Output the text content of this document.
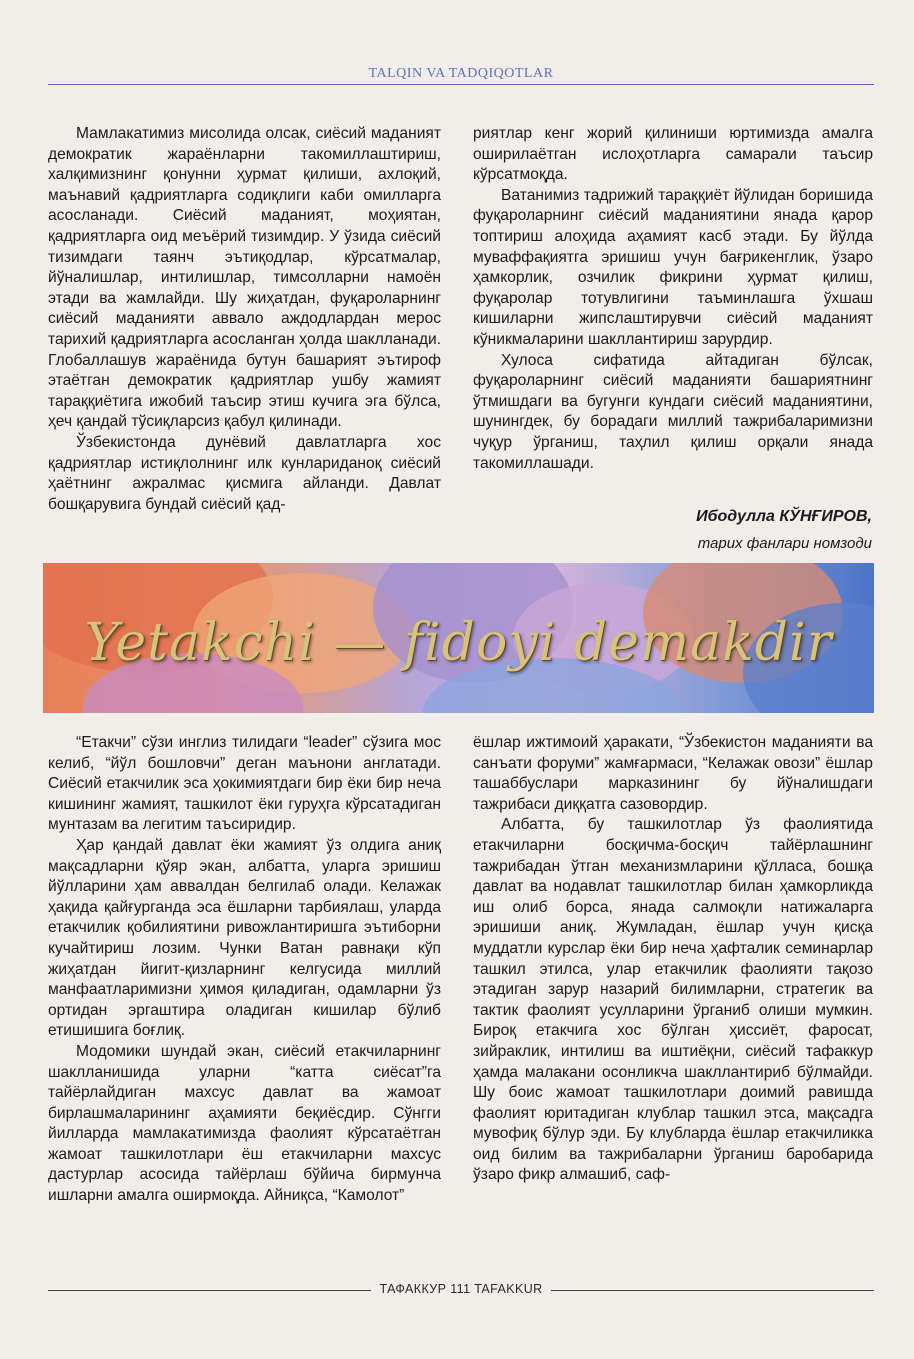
TALQIN VA TADQIQOTLAR

Мамлакатимиз мисолида олсак, сиёсий маданият демократик жараёнларни такомиллаштириш, халқимизнинг қонунни ҳурмат қилиши, ахлоқий, маънавий қадриятларга содиқлиги каби омилларга асосланади. Сиёсий маданият, моҳиятан, қадриятларга оид меъёрий тизимдир. У ўзида сиёсий тизимдаги таянч эътиқодлар, кўрсатмалар, йўналишлар, интилишлар, тимсолларни намоён этади ва жамлайди. Шу жиҳатдан, фуқароларнинг сиёсий маданияти аввало аждодлардан мерос тарихий қадриятларга асосланган ҳолда шаклланади. Глобаллашув жараёнида бутун башарият эътироф этаётган демократик қадриятлар ушбу жамият тараққиётига ижобий таъсир этиш кучига эга бўлса, ҳеч қандай тўсиқларсиз қабул қилинади.

Ўзбекистонда дунёвий давлатларга хос қадриятлар истиқлолнинг илк кунлариданоқ сиёсий ҳаётнинг ажралмас қисмига айланди. Давлат бошқарувига бундай сиёсий қад-

риятлар кенг жорий қилиниши юртимизда амалга оширилаётган ислоҳотларга самарали таъсир кўрсатмоқда.

Ватанимиз тадрижий тараққиёт йўлидан боришида фуқароларнинг сиёсий маданиятини янада қарор топтириш алоҳида аҳамият касб этади. Бу йўлда муваффақиятга эришиш учун бағрикенглик, ўзаро ҳамкорлик, озчилик фикрини ҳурмат қилиш, фуқаролар тотувлигини таъминлашга ўхшаш кишиларни жипслаштирувчи сиёсий маданият кўникмаларини шакллантириш зарурдир.

Хулоса сифатида айтадиган бўлсак, фуқароларнинг сиёсий маданияти башариятнинг ўтмишдаги ва бугунги кундаги сиёсий маданиятини, шунингдек, бу борадаги миллий тажрибаларимизни чуқур ўрганиш, таҳлил қилиш орқали янада такомиллашади.

Ибодулла КЎНҒИРОВ,
тарих фанлари номзоди
Yetakchi — fidoyi demakdir

“Етакчи” сўзи инглиз тилидаги “leader” сўзига мос келиб, “йўл бошловчи” деган маънони англатади. Сиёсий етакчилик эса ҳокимиятдаги бир ёки бир неча кишининг жамият, ташкилот ёки гуруҳга кўрсатадиган мунтазам ва легитим таъсиридир.

Ҳар қандай давлат ёки жамият ўз олдига аниқ мақсадларни қўяр экан, албатта, уларга эришиш йўлларини ҳам аввалдан белгилаб олади. Келажак ҳақида қайғурганда эса ёшларни тарбиялаш, уларда етакчилик қобилиятини ривожлантиришга эътиборни кучайтириш лозим. Чунки Ватан равнақи кўп жиҳатдан йигит-қизларнинг келгусида миллий манфаатларимизни ҳимоя қиладиган, одамларни ўз ортидан эргаштира оладиган кишилар бўлиб етишишига боғлиқ.

Модомики шундай экан, сиёсий етакчиларнинг шаклланишида уларни “катта сиёсат”га тайёрлайдиган махсус давлат ва жамоат бирлашмаларининг аҳамияти беқиёсдир. Сўнгги йилларда мамлакатимизда фаолият кўрсатаётган жамоат ташкилотлари ёш етакчиларни махсус дастурлар асосида тайёрлаш бўйича бирмунча ишларни амалга оширмоқда. Айниқса, “Камолот”

ёшлар ижтимоий ҳаракати, “Ўзбекистон маданияти ва санъати форуми” жамғармаси, “Келажак овози” ёшлар ташаббуслари марказининг бу йўналишдаги тажрибаси диққатга сазовордир.

Албатта, бу ташкилотлар ўз фаолиятида етакчиларни босқичма-босқич тайёрлашнинг тажрибадан ўтган механизмларини қўлласа, бошқа давлат ва нодавлат ташкилотлар билан ҳамкорликда иш олиб борса, янада салмоқли натижаларга эришиши аниқ. Жумладан, ёшлар учун қисқа муддатли курслар ёки бир неча ҳафталик семинарлар ташкил этилса, улар етакчилик фаолияти тақозо этадиган зарур назарий билимларни, стратегик ва тактик фаолият усулларини ўрганиб олиши мумкин. Бироқ етакчига хос бўлган ҳиссиёт, фаросат, зийраклик, интилиш ва иштиёқни, сиёсий тафаккур ҳамда малакани осонликча шакллантириб бўлмайди. Шу боис жамоат ташкилотлари доимий равишда фаолият юритадиган клублар ташкил этса, мақсадга мувофиқ бўлур эди. Бу клубларда ёшлар етакчиликка оид билим ва тажрибаларни ўрганиш баробарида ўзаро фикр алмашиб, саф-

ТАФАККУР 111 TAFAKKUR
